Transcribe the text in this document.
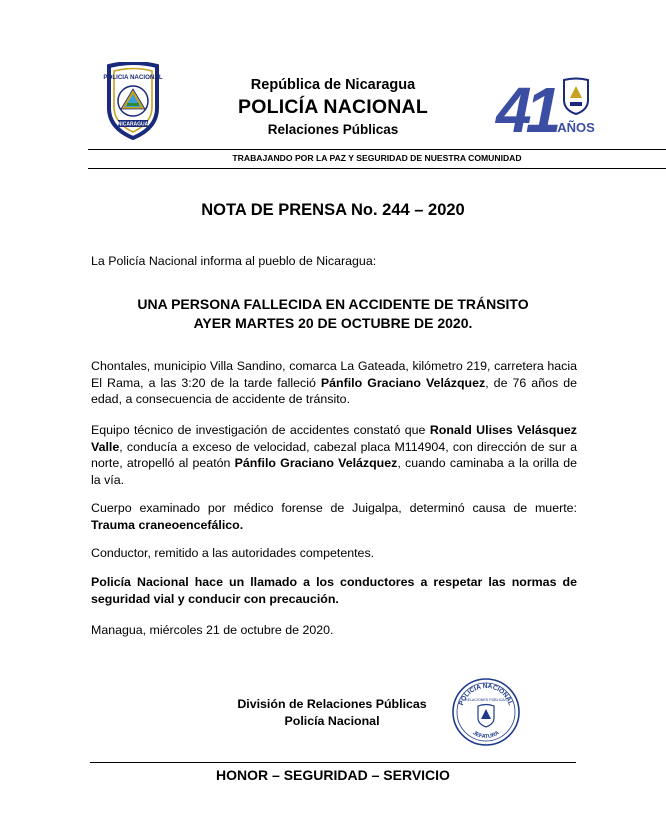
POLICIA NACIONAL
NICARAGUA
República de Nicaragua
POLICÍA NACIONAL
Relaciones Públicas	41 AÑOS
TRABAJANDO POR LA PAZ Y SEGURIDAD DE NUESTRA COMUNIDAD
NOTA DE PRENSA No. 244 – 2020
La Policía Nacional informa al pueblo de Nicaragua:
UNA PERSONA FALLECIDA EN ACCIDENTE DE TRÁNSITO
AYER MARTES 20 DE OCTUBRE DE 2020.
Chontales, municipio Villa Sandino, comarca La Gateada, kilómetro 219, carretera hacia El Rama, a las 3:20 de la tarde falleció Pánfilo Graciano Velázquez, de 76 años de edad, a consecuencia de accidente de tránsito.
Equipo técnico de investigación de accidentes constató que Ronald Ulises Velásquez Valle, conducía a exceso de velocidad, cabezal placa M114904, con dirección de sur a norte, atropelló al peatón Pánfilo Graciano Velázquez, cuando caminaba a la orilla de la vía.
Cuerpo examinado por médico forense de Juigalpa, determinó causa de muerte: Trauma craneoencefálico.
Conductor, remitido a las autoridades competentes.
Policía Nacional hace un llamado a los conductores a respetar las normas de seguridad vial y conducir con precaución.
Managua, miércoles 21 de octubre de 2020.
División de Relaciones Públicas
Policía Nacional
POLICIA NACIONAL
RELACIONES PÚBLICAS
JEFATURA
HONOR – SEGURIDAD – SERVICIO
